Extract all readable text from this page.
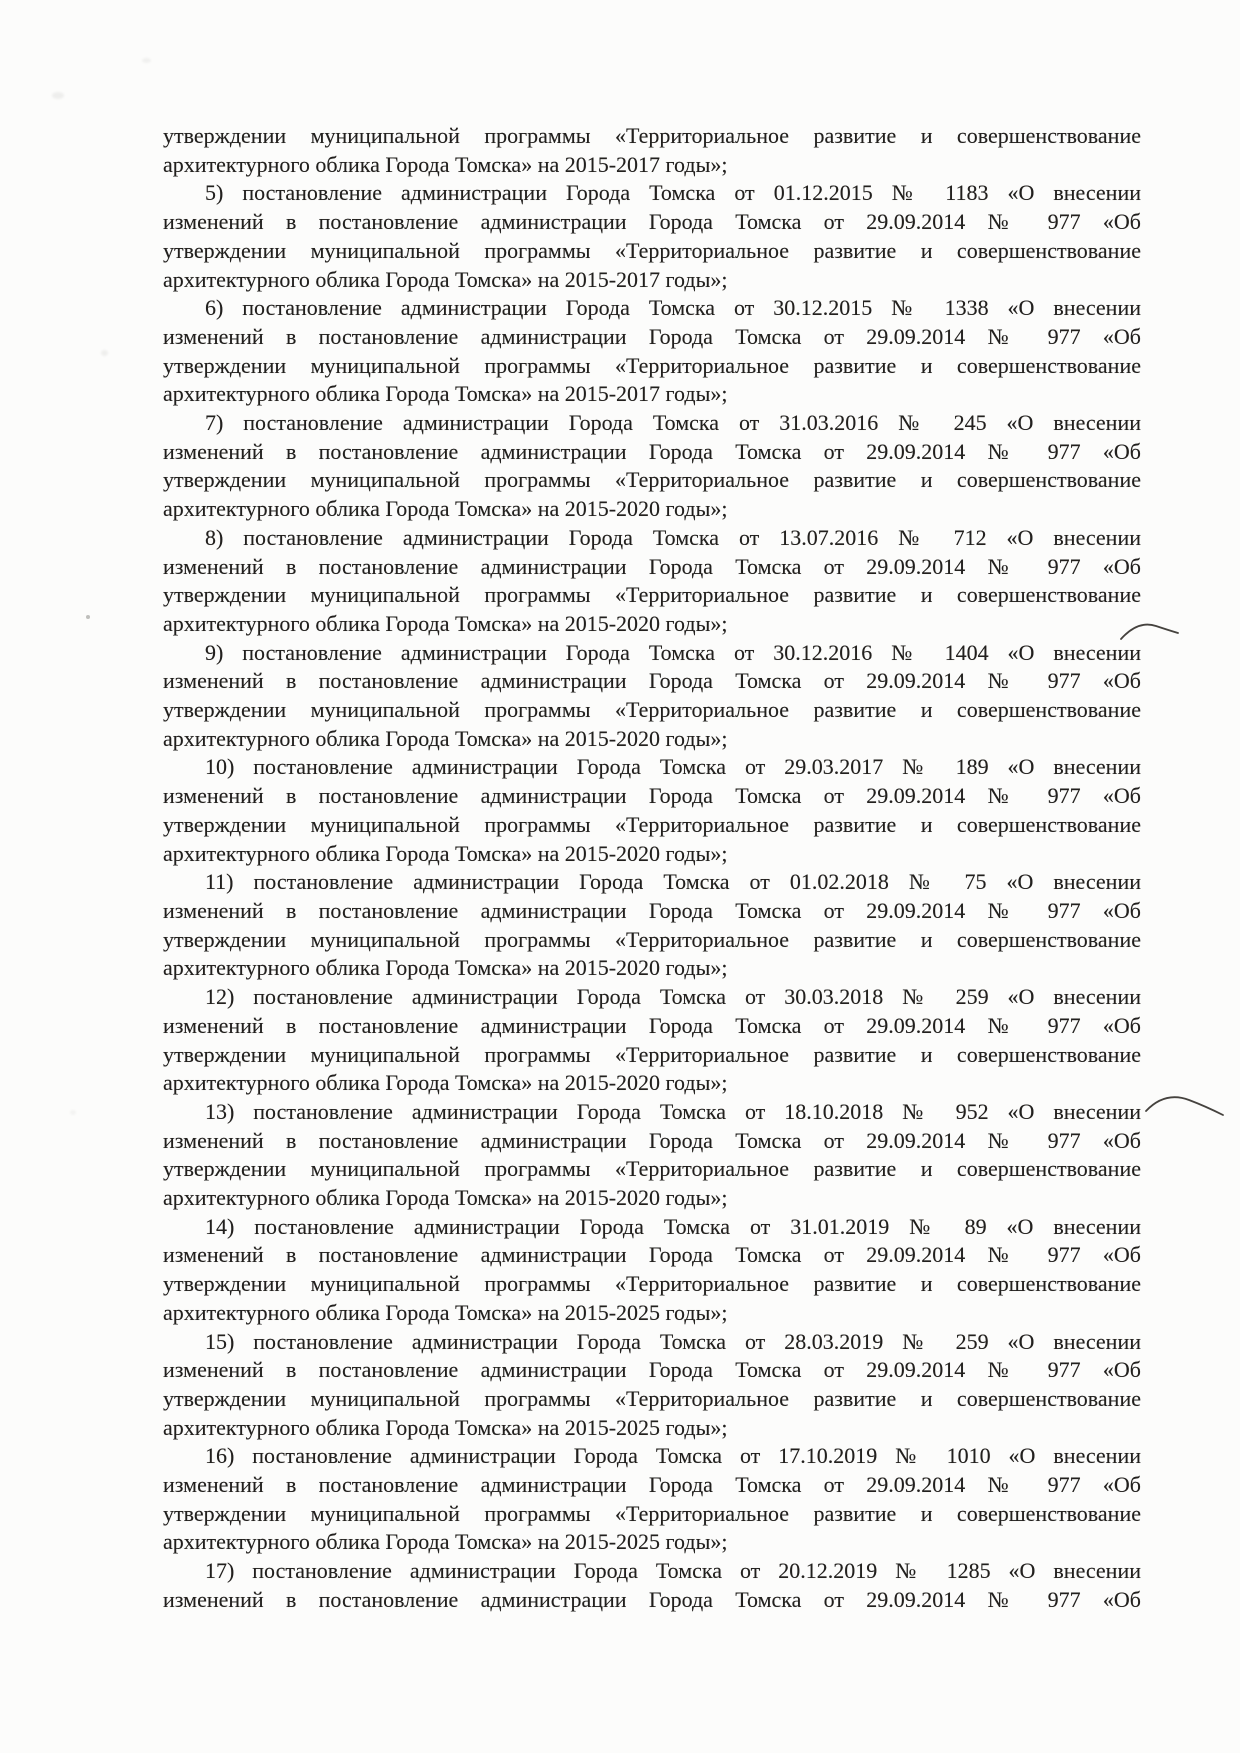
утверждении муниципальной программы «Территориальное развитие и совершенствование
архитектурного облика Города Томска» на 2015-2017 годы»;
5) постановление администрации Города Томска от 01.12.2015 № 1183 «О внесении
изменений в постановление администрации Города Томска от 29.09.2014 № 977 «Об
утверждении муниципальной программы «Территориальное развитие и совершенствование
архитектурного облика Города Томска» на 2015-2017 годы»;
6) постановление администрации Города Томска от 30.12.2015 № 1338 «О внесении
изменений в постановление администрации Города Томска от 29.09.2014 № 977 «Об
утверждении муниципальной программы «Территориальное развитие и совершенствование
архитектурного облика Города Томска» на 2015-2017 годы»;
7) постановление администрации Города Томска от 31.03.2016 № 245 «О внесении
изменений в постановление администрации Города Томска от 29.09.2014 № 977 «Об
утверждении муниципальной программы «Территориальное развитие и совершенствование
архитектурного облика Города Томска» на 2015-2020 годы»;
8) постановление администрации Города Томска от 13.07.2016 № 712 «О внесении
изменений в постановление администрации Города Томска от 29.09.2014 № 977 «Об
утверждении муниципальной программы «Территориальное развитие и совершенствование
архитектурного облика Города Томска» на 2015-2020 годы»;
9) постановление администрации Города Томска от 30.12.2016 № 1404 «О внесении
изменений в постановление администрации Города Томска от 29.09.2014 № 977 «Об
утверждении муниципальной программы «Территориальное развитие и совершенствование
архитектурного облика Города Томска» на 2015-2020 годы»;
10) постановление администрации Города Томска от 29.03.2017 № 189 «О внесении
изменений в постановление администрации Города Томска от 29.09.2014 № 977 «Об
утверждении муниципальной программы «Территориальное развитие и совершенствование
архитектурного облика Города Томска» на 2015-2020 годы»;
11) постановление администрации Города Томска от 01.02.2018 № 75 «О внесении
изменений в постановление администрации Города Томска от 29.09.2014 № 977 «Об
утверждении муниципальной программы «Территориальное развитие и совершенствование
архитектурного облика Города Томска» на 2015-2020 годы»;
12) постановление администрации Города Томска от 30.03.2018 № 259 «О внесении
изменений в постановление администрации Города Томска от 29.09.2014 № 977 «Об
утверждении муниципальной программы «Территориальное развитие и совершенствование
архитектурного облика Города Томска» на 2015-2020 годы»;
13) постановление администрации Города Томска от 18.10.2018 № 952 «О внесении
изменений в постановление администрации Города Томска от 29.09.2014 № 977 «Об
утверждении муниципальной программы «Территориальное развитие и совершенствование
архитектурного облика Города Томска» на 2015-2020 годы»;
14) постановление администрации Города Томска от 31.01.2019 № 89 «О внесении
изменений в постановление администрации Города Томска от 29.09.2014 № 977 «Об
утверждении муниципальной программы «Территориальное развитие и совершенствование
архитектурного облика Города Томска» на 2015-2025 годы»;
15) постановление администрации Города Томска от 28.03.2019 № 259 «О внесении
изменений в постановление администрации Города Томска от 29.09.2014 № 977 «Об
утверждении муниципальной программы «Территориальное развитие и совершенствование
архитектурного облика Города Томска» на 2015-2025 годы»;
16) постановление администрации Города Томска от 17.10.2019 № 1010 «О внесении
изменений в постановление администрации Города Томска от 29.09.2014 № 977 «Об
утверждении муниципальной программы «Территориальное развитие и совершенствование
архитектурного облика Города Томска» на 2015-2025 годы»;
17) постановление администрации Города Томска от 20.12.2019 № 1285 «О внесении
изменений в постановление администрации Города Томска от 29.09.2014 № 977 «Об
